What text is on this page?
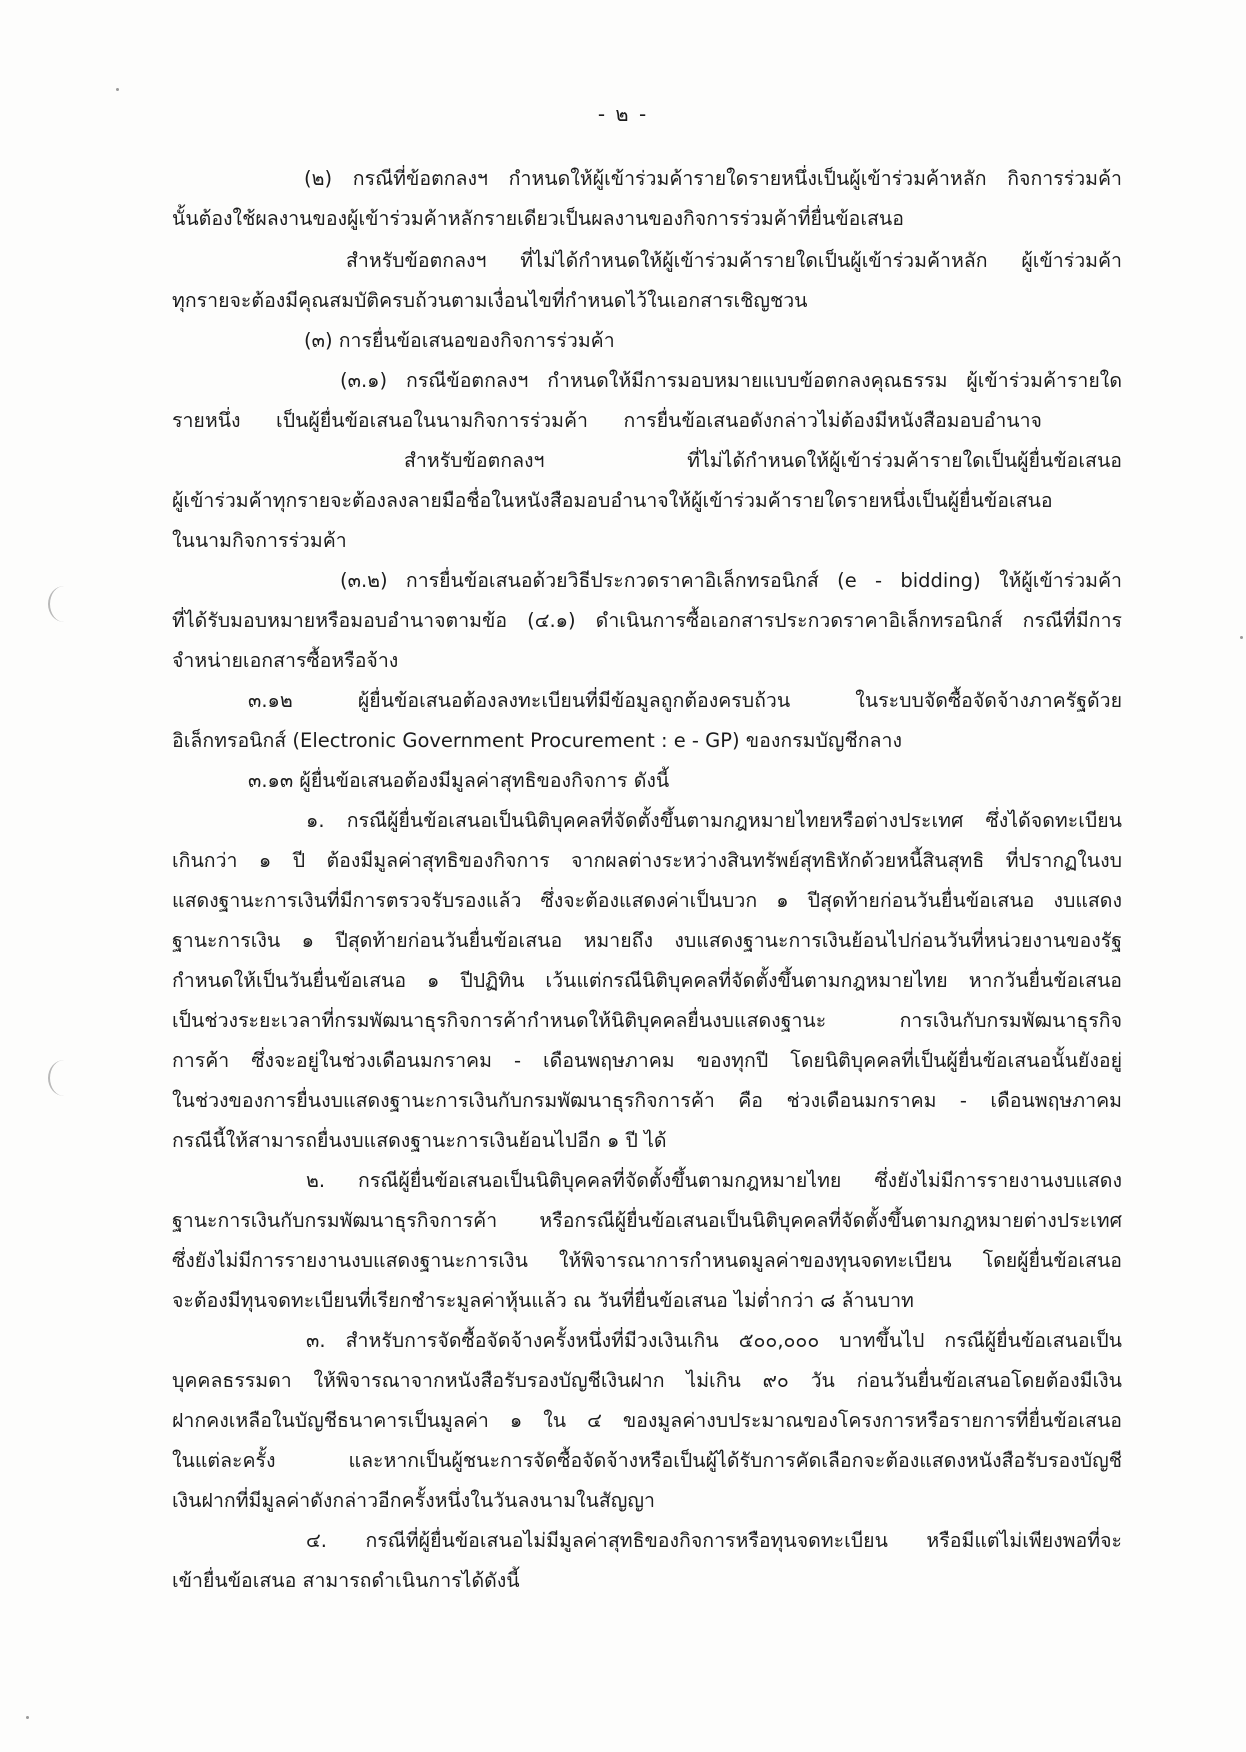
- ๒ -
(๒) กรณีที่ข้อตกลงฯ กำหนดให้ผู้เข้าร่วมค้ารายใดรายหนึ่งเป็นผู้เข้าร่วมค้าหลัก กิจการร่วมค้า
นั้นต้องใช้ผลงานของผู้เข้าร่วมค้าหลักรายเดียวเป็นผลงานของกิจการร่วมค้าที่ยื่นข้อเสนอ
สำหรับข้อตกลงฯ ที่ไม่ได้กำหนดให้ผู้เข้าร่วมค้ารายใดเป็นผู้เข้าร่วมค้าหลัก ผู้เข้าร่วมค้า
ทุกรายจะต้องมีคุณสมบัติครบถ้วนตามเงื่อนไขที่กำหนดไว้ในเอกสารเชิญชวน
(๓) การยื่นข้อเสนอของกิจการร่วมค้า
(๓.๑) กรณีข้อตกลงฯ กำหนดให้มีการมอบหมายแบบข้อตกลงคุณธรรม ผู้เข้าร่วมค้ารายใด
รายหนึ่ง เป็นผู้ยื่นข้อเสนอในนามกิจการร่วมค้า การยื่นข้อเสนอดังกล่าวไม่ต้องมีหนังสือมอบอำนาจ
สำหรับข้อตกลงฯ ที่ไม่ได้กำหนดให้ผู้เข้าร่วมค้ารายใดเป็นผู้ยื่นข้อเสนอ
ผู้เข้าร่วมค้าทุกรายจะต้องลงลายมือชื่อในหนังสือมอบอำนาจให้ผู้เข้าร่วมค้ารายใดรายหนึ่งเป็นผู้ยื่นข้อเสนอ
ในนามกิจการร่วมค้า
(๓.๒) การยื่นข้อเสนอด้วยวิธีประกวดราคาอิเล็กทรอนิกส์ (e - bidding) ให้ผู้เข้าร่วมค้า
ที่ได้รับมอบหมายหรือมอบอำนาจตามข้อ (๔.๑) ดำเนินการซื้อเอกสารประกวดราคาอิเล็กทรอนิกส์ กรณีที่มีการ
จำหน่ายเอกสารซื้อหรือจ้าง
๓.๑๒ ผู้ยื่นข้อเสนอต้องลงทะเบียนที่มีข้อมูลถูกต้องครบถ้วน ในระบบจัดซื้อจัดจ้างภาครัฐด้วย
อิเล็กทรอนิกส์ (Electronic Government Procurement : e - GP) ของกรมบัญชีกลาง
๓.๑๓ ผู้ยื่นข้อเสนอต้องมีมูลค่าสุทธิของกิจการ ดังนี้
๑. กรณีผู้ยื่นข้อเสนอเป็นนิติบุคคลที่จัดตั้งขึ้นตามกฎหมายไทยหรือต่างประเทศ ซึ่งได้จดทะเบียน
เกินกว่า ๑ ปี ต้องมีมูลค่าสุทธิของกิจการ จากผลต่างระหว่างสินทรัพย์สุทธิหักด้วยหนี้สินสุทธิ ที่ปรากฏในงบ
แสดงฐานะการเงินที่มีการตรวจรับรองแล้ว ซึ่งจะต้องแสดงค่าเป็นบวก ๑ ปีสุดท้ายก่อนวันยื่นข้อเสนอ งบแสดง
ฐานะการเงิน ๑ ปีสุดท้ายก่อนวันยื่นข้อเสนอ หมายถึง งบแสดงฐานะการเงินย้อนไปก่อนวันที่หน่วยงานของรัฐ
กำหนดให้เป็นวันยื่นข้อเสนอ ๑ ปีปฏิทิน เว้นแต่กรณีนิติบุคคลที่จัดตั้งขึ้นตามกฎหมายไทย หากวันยื่นข้อเสนอ
เป็นช่วงระยะเวลาที่กรมพัฒนาธุรกิจการค้ากำหนดให้นิติบุคคลยื่นงบแสดงฐานะ การเงินกับกรมพัฒนาธุรกิจ
การค้า ซึ่งจะอยู่ในช่วงเดือนมกราคม - เดือนพฤษภาคม ของทุกปี โดยนิติบุคคลที่เป็นผู้ยื่นข้อเสนอนั้นยังอยู่
ในช่วงของการยื่นงบแสดงฐานะการเงินกับกรมพัฒนาธุรกิจการค้า คือ ช่วงเดือนมกราคม - เดือนพฤษภาคม
กรณีนี้ให้สามารถยื่นงบแสดงฐานะการเงินย้อนไปอีก ๑ ปี ได้
๒. กรณีผู้ยื่นข้อเสนอเป็นนิติบุคคลที่จัดตั้งขึ้นตามกฎหมายไทย ซึ่งยังไม่มีการรายงานงบแสดง
ฐานะการเงินกับกรมพัฒนาธุรกิจการค้า หรือกรณีผู้ยื่นข้อเสนอเป็นนิติบุคคลที่จัดตั้งขึ้นตามกฎหมายต่างประเทศ
ซึ่งยังไม่มีการรายงานงบแสดงฐานะการเงิน ให้พิจารณาการกำหนดมูลค่าของทุนจดทะเบียน โดยผู้ยื่นข้อเสนอ
จะต้องมีทุนจดทะเบียนที่เรียกชำระมูลค่าหุ้นแล้ว ณ วันที่ยื่นข้อเสนอ ไม่ต่ำกว่า ๘ ล้านบาท
๓. สำหรับการจัดซื้อจัดจ้างครั้งหนึ่งที่มีวงเงินเกิน ๕๐๐,๐๐๐ บาทขึ้นไป กรณีผู้ยื่นข้อเสนอเป็น
บุคคลธรรมดา ให้พิจารณาจากหนังสือรับรองบัญชีเงินฝาก ไม่เกิน ๙๐ วัน ก่อนวันยื่นข้อเสนอโดยต้องมีเงิน
ฝากคงเหลือในบัญชีธนาคารเป็นมูลค่า ๑ ใน ๔ ของมูลค่างบประมาณของโครงการหรือรายการที่ยื่นข้อเสนอ
ในแต่ละครั้ง และหากเป็นผู้ชนะการจัดซื้อจัดจ้างหรือเป็นผู้ได้รับการคัดเลือกจะต้องแสดงหนังสือรับรองบัญชี
เงินฝากที่มีมูลค่าดังกล่าวอีกครั้งหนึ่งในวันลงนามในสัญญา
๔. กรณีที่ผู้ยื่นข้อเสนอไม่มีมูลค่าสุทธิของกิจการหรือทุนจดทะเบียน หรือมีแต่ไม่เพียงพอที่จะ
เข้ายื่นข้อเสนอ สามารถดำเนินการได้ดังนี้
